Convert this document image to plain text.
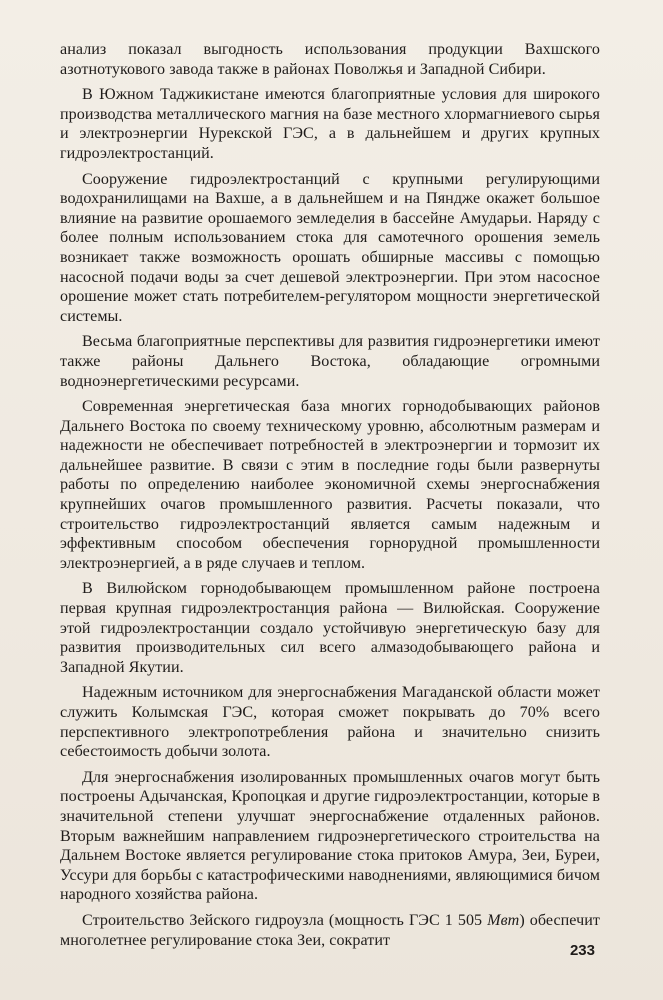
анализ показал выгодность использования продукции Вахшского азотнотукового завода также в районах Поволжья и Западной Сибири.

В Южном Таджикистане имеются благоприятные условия для широкого производства металлического магния на базе местного хлормагниевого сырья и электроэнергии Нурекской ГЭС, а в дальнейшем и других крупных гидроэлектростанций.

Сооружение гидроэлектростанций с крупными регулирующими водохранилищами на Вахше, а в дальнейшем и на Пяндже окажет большое влияние на развитие орошаемого земледелия в бассейне Амударьи. Наряду с более полным использованием стока для самотечного орошения земель возникает также возможность орошать обширные массивы с помощью насосной подачи воды за счет дешевой электроэнергии. При этом насосное орошение может стать потребителем-регулятором мощности энергетической системы.

Весьма благоприятные перспективы для развития гидроэнергетики имеют также районы Дальнего Востока, обладающие огромными водноэнергетическими ресурсами.

Современная энергетическая база многих горнодобывающих районов Дальнего Востока по своему техническому уровню, абсолютным размерам и надежности не обеспечивает потребностей в электроэнергии и тормозит их дальнейшее развитие. В связи с этим в последние годы были развернуты работы по определению наиболее экономичной схемы энергоснабжения крупнейших очагов промышленного развития. Расчеты показали, что строительство гидроэлектростанций является самым надежным и эффективным способом обеспечения горнорудной промышленности электроэнергией, а в ряде случаев и теплом.

В Вилюйском горнодобывающем промышленном районе построена первая крупная гидроэлектростанция района — Вилюйская. Сооружение этой гидроэлектростанции создало устойчивую энергетическую базу для развития производительных сил всего алмазодобывающего района и Западной Якутии.

Надежным источником для энергоснабжения Магаданской области может служить Колымская ГЭС, которая сможет покрывать до 70% всего перспективного электропотребления района и значительно снизить себестоимость добычи золота.

Для энергоснабжения изолированных промышленных очагов могут быть построены Адычанская, Кропоцкая и другие гидроэлектростанции, которые в значительной степени улучшат энергоснабжение отдаленных районов. Вторым важнейшим направлением гидроэнергетического строительства на Дальнем Востоке является регулирование стока притоков Амура, Зеи, Буреи, Уссури для борьбы с катастрофическими наводнениями, являющимися бичом народного хозяйства района.

Строительство Зейского гидроузла (мощность ГЭС 1 505 Мвт) обеспечит многолетнее регулирование стока Зеи, сократит

233
